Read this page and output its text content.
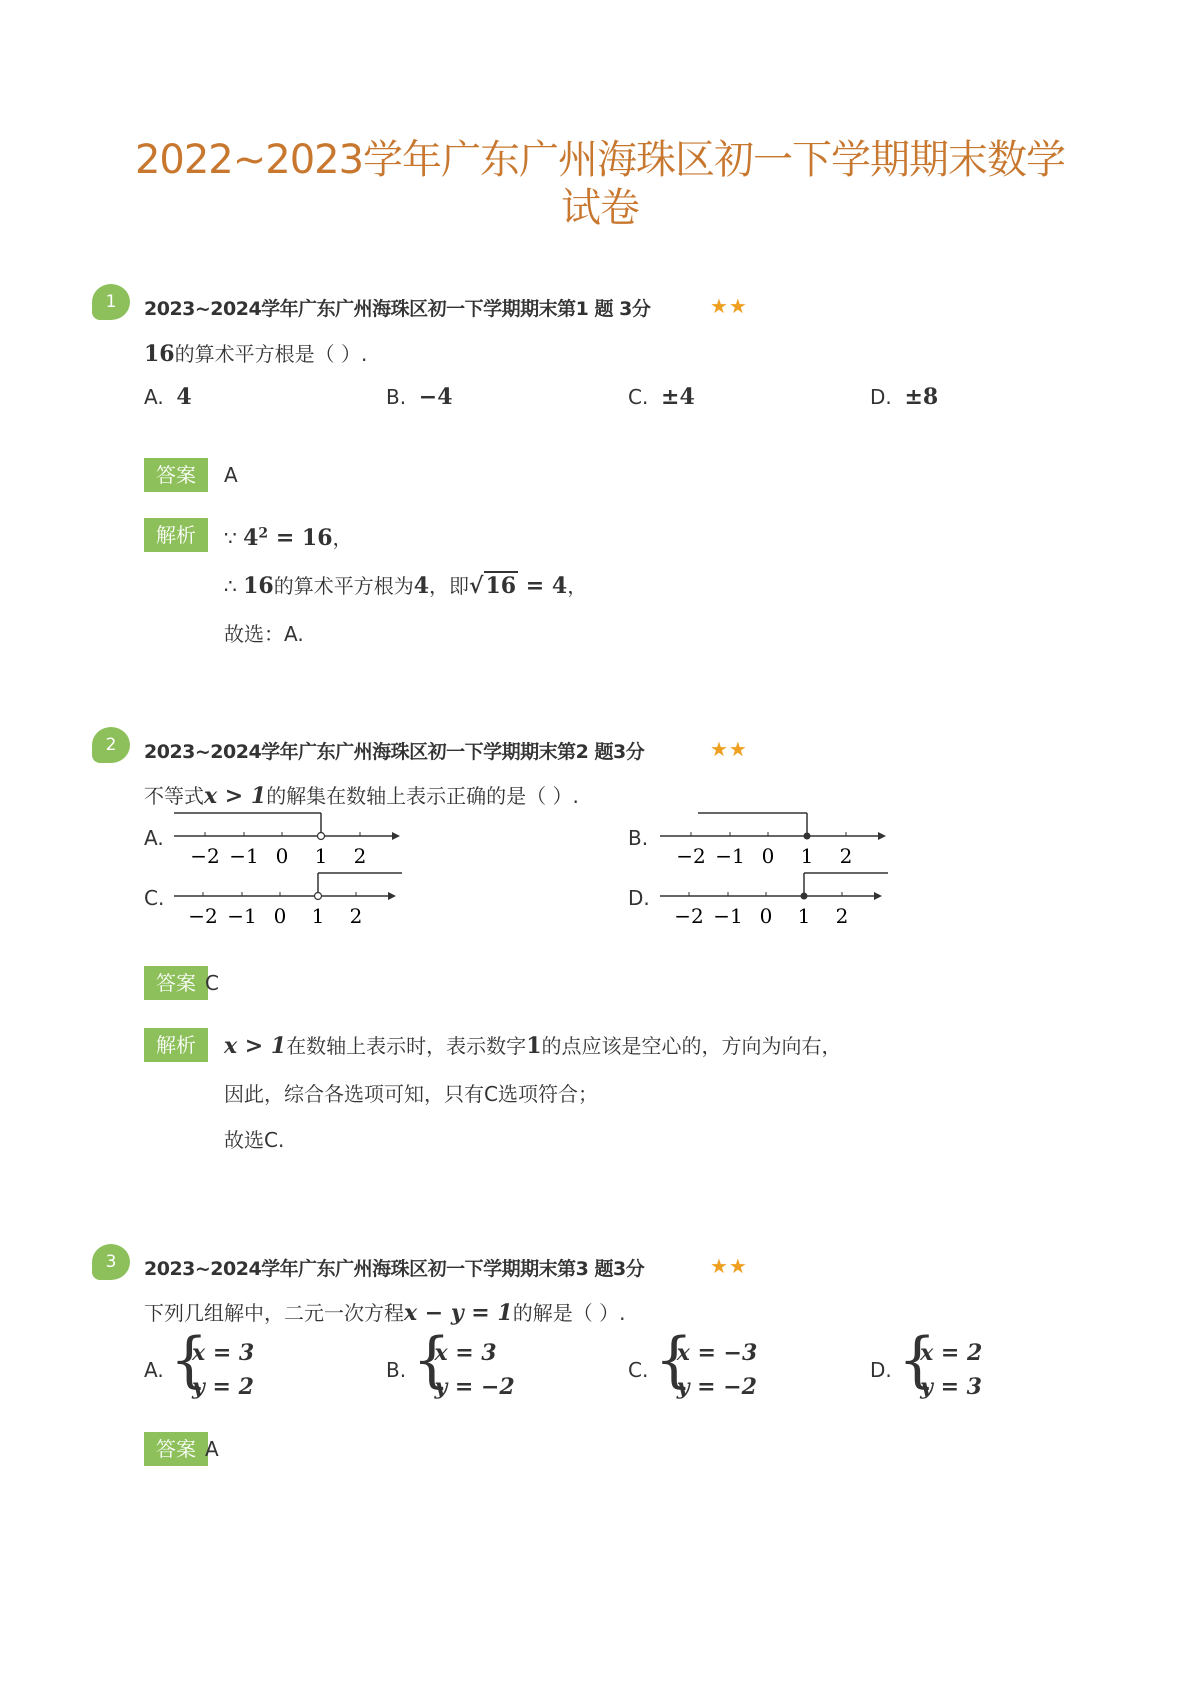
2022~2023学年广东广州海珠区初一下学期期末数学
试卷
1	2023~2024学年广东广州海珠区初一下学期期末第1 题 3分	★★
16的算术平方根是（ ）.
A. 4	B. −4	C. ±4	D. ±8
答案	A
解析	∵ $4^2 = 16$，
∴ 16的算术平方根为4，即√16 = 4，
故选：A.
2	2023~2024学年广东广州海珠区初一下学期期末第2 题3分	★★
不等式x > 1的解集在数轴上表示正确的是（ ）.
A.	B.
C.	D.
−2 −1 0 1 2	−2 −1 0 1 2
−2 −1 0 1 2	−2 −1 0 1 2
答案 C
解析	x > 1在数轴上表示时，表示数字1的点应该是空心的，方向为向右，
因此，综合各选项可知，只有C选项符合；
故选C.
3	2023~2024学年广东广州海珠区初一下学期期末第3 题3分	★★
下列几组解中，二元一次方程x − y = 1的解是（ ）.
A. {
x = 3
y = 2
B. {
x = 3
y = −2
C. {
x = −3
y = −2
D. {
x = 2
y = 3
答案 A
